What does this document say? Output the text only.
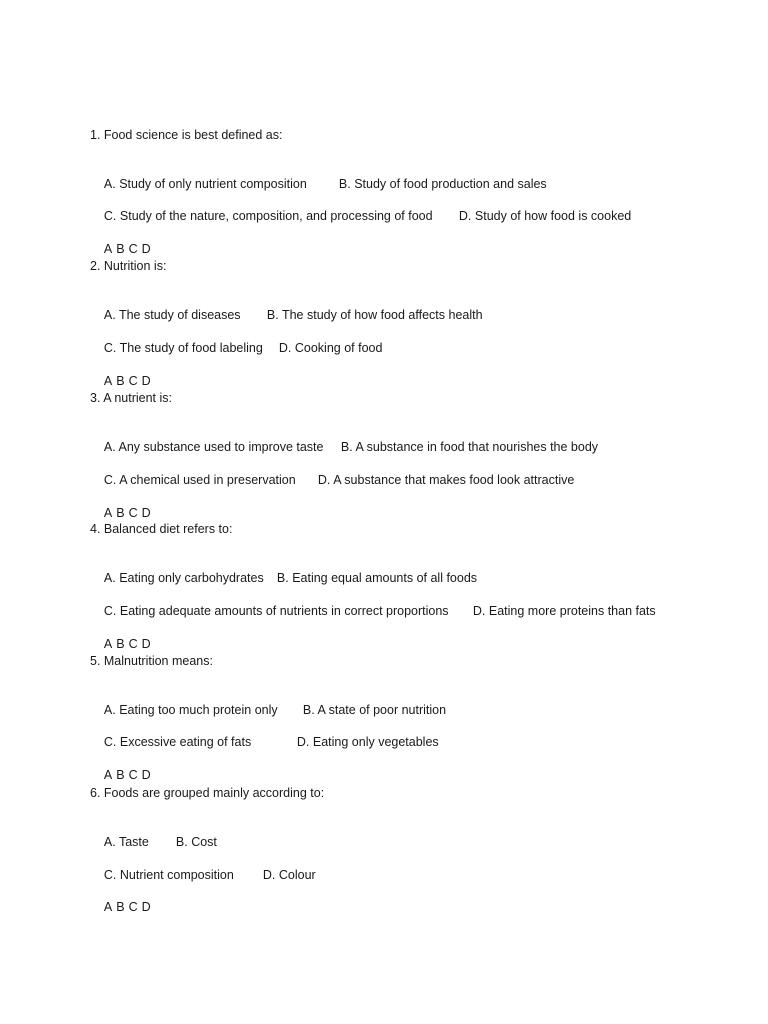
1. Food science is best defined as:

A. Study of only nutrient composition	B. Study of food production and sales

C. Study of the nature, composition, and processing of food D. Study of how food is cooked

A B C D

2. Nutrition is:

A. The study of diseases B. The study of how food affects health

C. The study of food labeling D. Cooking of food

A B C D

3. A nutrient is:

A. Any substance used to improve taste B. A substance in food that nourishes the body

C. A chemical used in preservation D. A substance that makes food look attractive

A B C D

4. Balanced diet refers to:

A. Eating only carbohydrates B. Eating equal amounts of all foods

C. Eating adequate amounts of nutrients in correct proportions D. Eating more proteins than fats

A B C D

5. Malnutrition means:

A. Eating too much protein only B. A state of poor nutrition

C. Excessive eating of fats	D. Eating only vegetables

A B C D

6. Foods are grouped mainly according to:

A. Taste B. Cost

C. Nutrient composition D. Colour

A B C D
